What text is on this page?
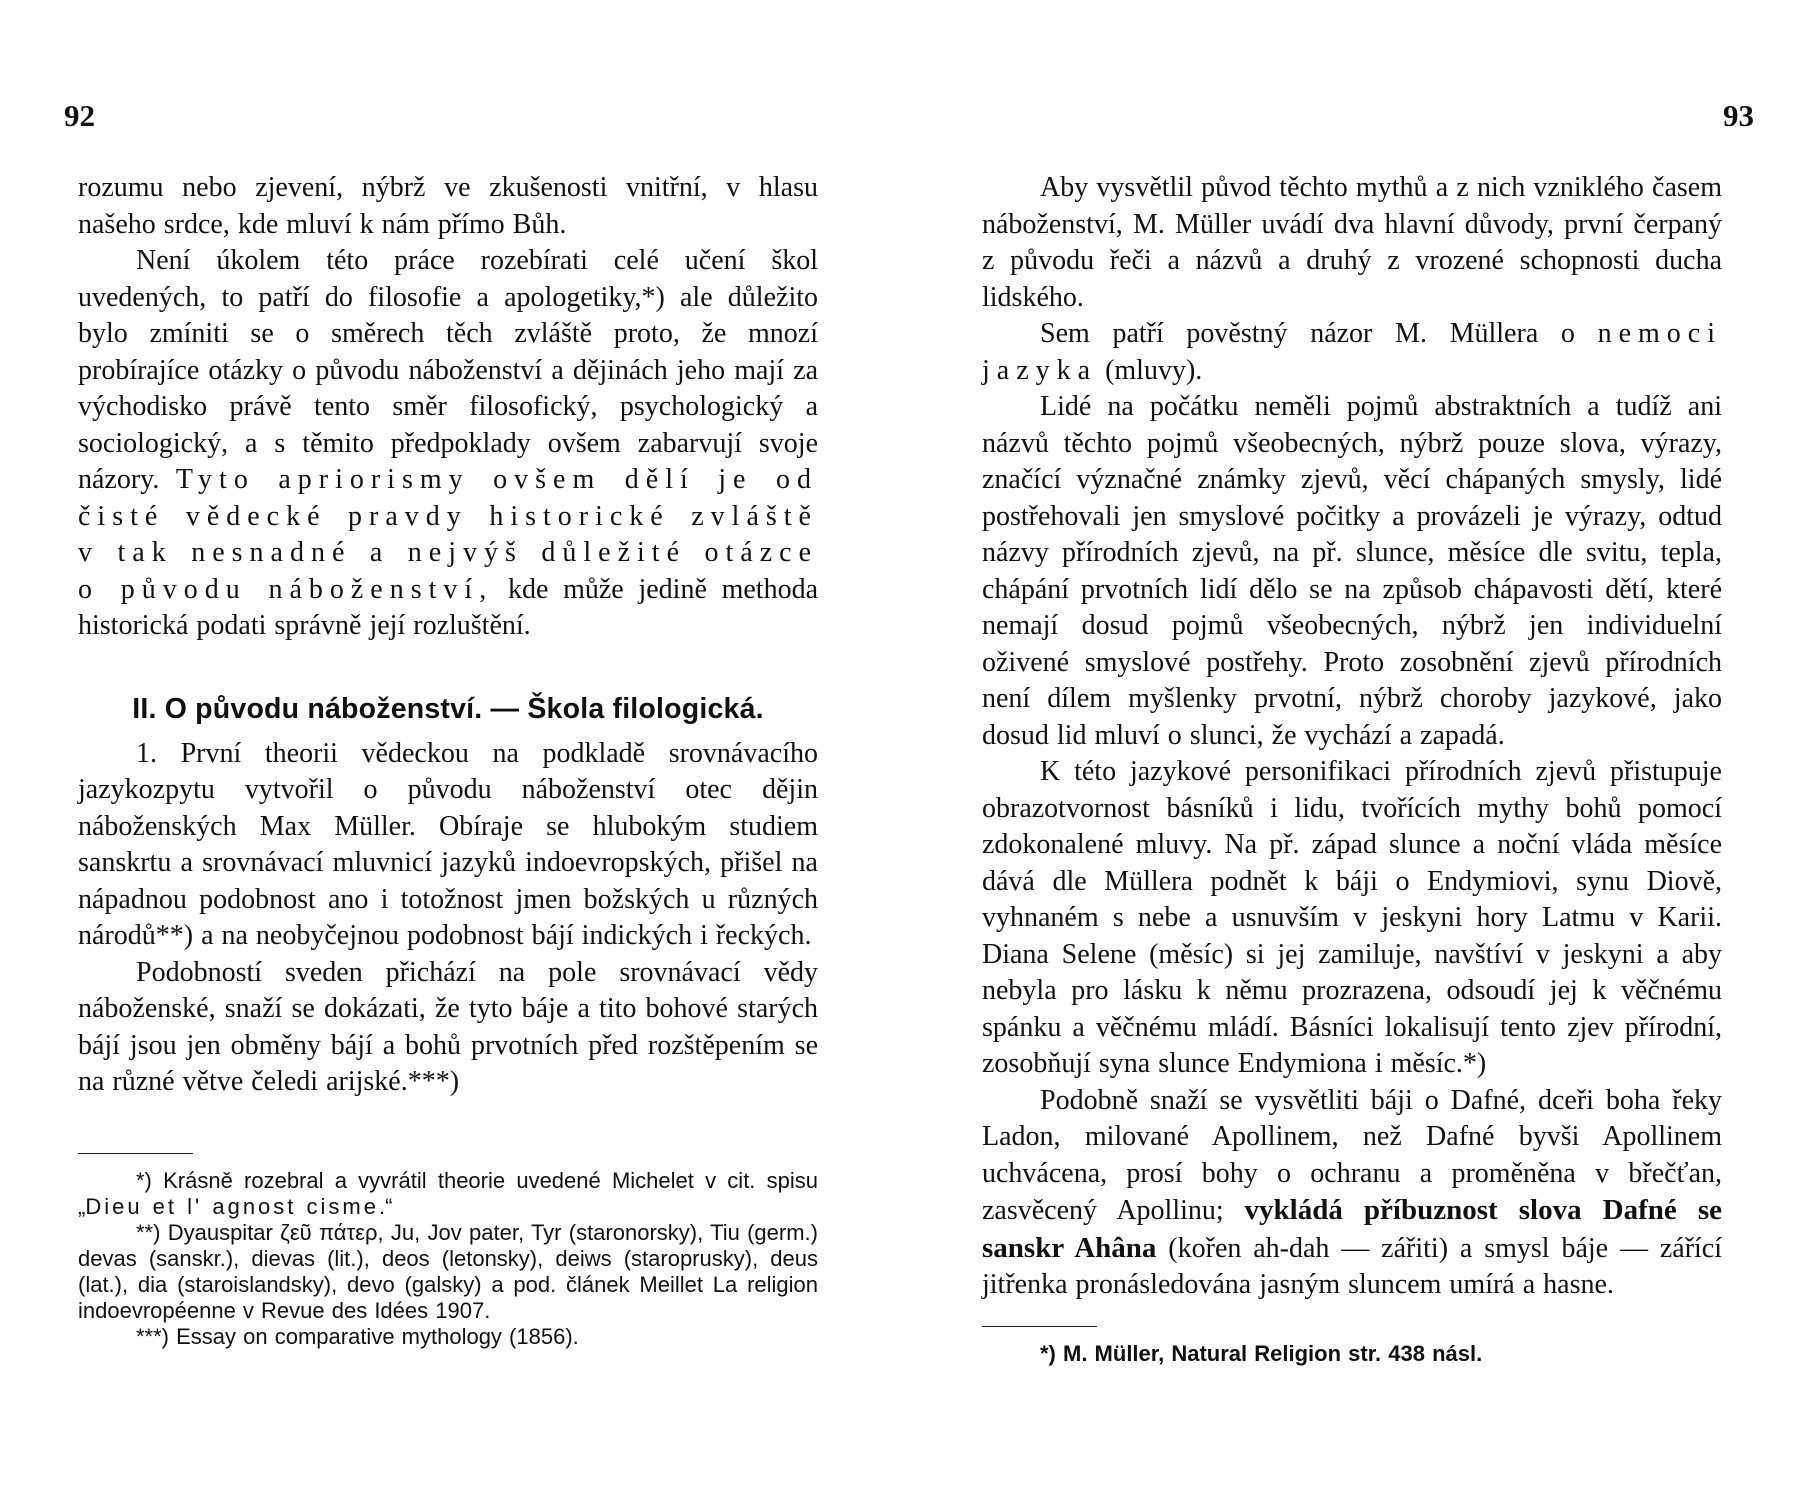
92

rozumu nebo zjevení, nýbrž ve zkušenosti vnitřní, v hlasu našeho srdce, kde mluví k nám přímo Bůh.

Není úkolem této práce rozebírati celé učení škol uvedených, to patří do filosofie a apologetiky,*) ale důležito bylo zmíniti se o směrech těch zvláště proto, že mnozí probírajíce otázky o původu náboženství a dějinách jeho mají za východisko právě tento směr filosofický, psychologický a sociologický, a s těmito předpoklady ovšem zabarvují svoje názory. Tyto apriorismy ovšem dělí je od čisté vědecké pravdy historické zvláště v tak nesnadné a nejvýš důležité otázce o původu náboženství, kde může jedině methoda historická podati správně její rozluštění.

II. O původu náboženství. — Škola filologická.

1. První theorii vědeckou na podkladě srovnávacího jazykozpytu vytvořil o původu náboženství otec dějin náboženských Max Müller. Obíraje se hlubokým studiem sanskrtu a srovnávací mluvnicí jazyků indoevropských, přišel na nápadnou podobnost ano i totožnost jmen božských u různých národů**) a na neobyčejnou podobnost bájí indických i řeckých.

Podobností sveden přichází na pole srovnávací vědy náboženské, snaží se dokázati, že tyto báje a tito bohové starých bájí jsou jen obměny bájí a bohů prvotních před rozštěpením se na různé větve čeledi arijské.***)

*) Krásně rozebral a vyvrátil theorie uvedené Michelet v cit. spisu „Dieu et l' agnost cisme.“

**) Dyauspitar ζεῦ πάτερ, Ju, Jov pater, Tyr (staronorsky), Tiu (germ.) devas (sanskr.), dievas (lit.), deos (letonsky), deiws (staroprusky), deus (lat.), dia (staroislandsky), devo (galsky) a pod. článek Meillet La religion indoevropéenne v Revue des Idées 1907.

***) Essay on comparative mythology (1856).

93

Aby vysvětlil původ těchto mythů a z nich vzniklého časem náboženství, M. Müller uvádí dva hlavní důvody, první čerpaný z původu řeči a názvů a druhý z vrozené schopnosti ducha lidského.

Sem patří pověstný názor M. Müllera o nemoci jazyka (mluvy).

Lidé na počátku neměli pojmů abstraktních a tudíž ani názvů těchto pojmů všeobecných, nýbrž pouze slova, výrazy, značící význačné známky zjevů, věcí chápaných smysly, lidé postřehovali jen smyslové počitky a provázeli je výrazy, odtud názvy přírodních zjevů, na př. slunce, měsíce dle svitu, tepla, chápání prvotních lidí dělo se na způsob chápavosti dětí, které nemají dosud pojmů všeobecných, nýbrž jen individuelní oživené smyslové postřehy. Proto zosobnění zjevů přírodních není dílem myšlenky prvotní, nýbrž choroby jazykové, jako dosud lid mluví o slunci, že vychází a zapadá.

K této jazykové personifikaci přírodních zjevů přistupuje obrazotvornost básníků i lidu, tvořících mythy bohů pomocí zdokonalené mluvy. Na př. západ slunce a noční vláda měsíce dává dle Müllera podnět k báji o Endymiovi, synu Diově, vyhnaném s nebe a usnuvším v jeskyni hory Latmu v Karii. Diana Selene (měsíc) si jej zamiluje, navštíví v jeskyni a aby nebyla pro lásku k němu prozrazena, odsoudí jej k věčnému spánku a věčnému mládí. Básníci lokalisují tento zjev přírodní, zosobňují syna slunce Endymiona i měsíc.*)

Podobně snaží se vysvětliti báji o Dafné, dceři boha řeky Ladon, milované Apollinem, než Dafné byvši Apollinem uchvácena, prosí bohy o ochranu a proměněna v břečťan, zasvěcený Apollinu; vykládá příbuznost slova Dafné se sanskr Ahâna (kořen ah-dah — zářiti) a smysl báje — zářící jitřenka pronásledována jasným sluncem umírá a hasne.

*) M. Müller, Natural Religion str. 438 násl.
